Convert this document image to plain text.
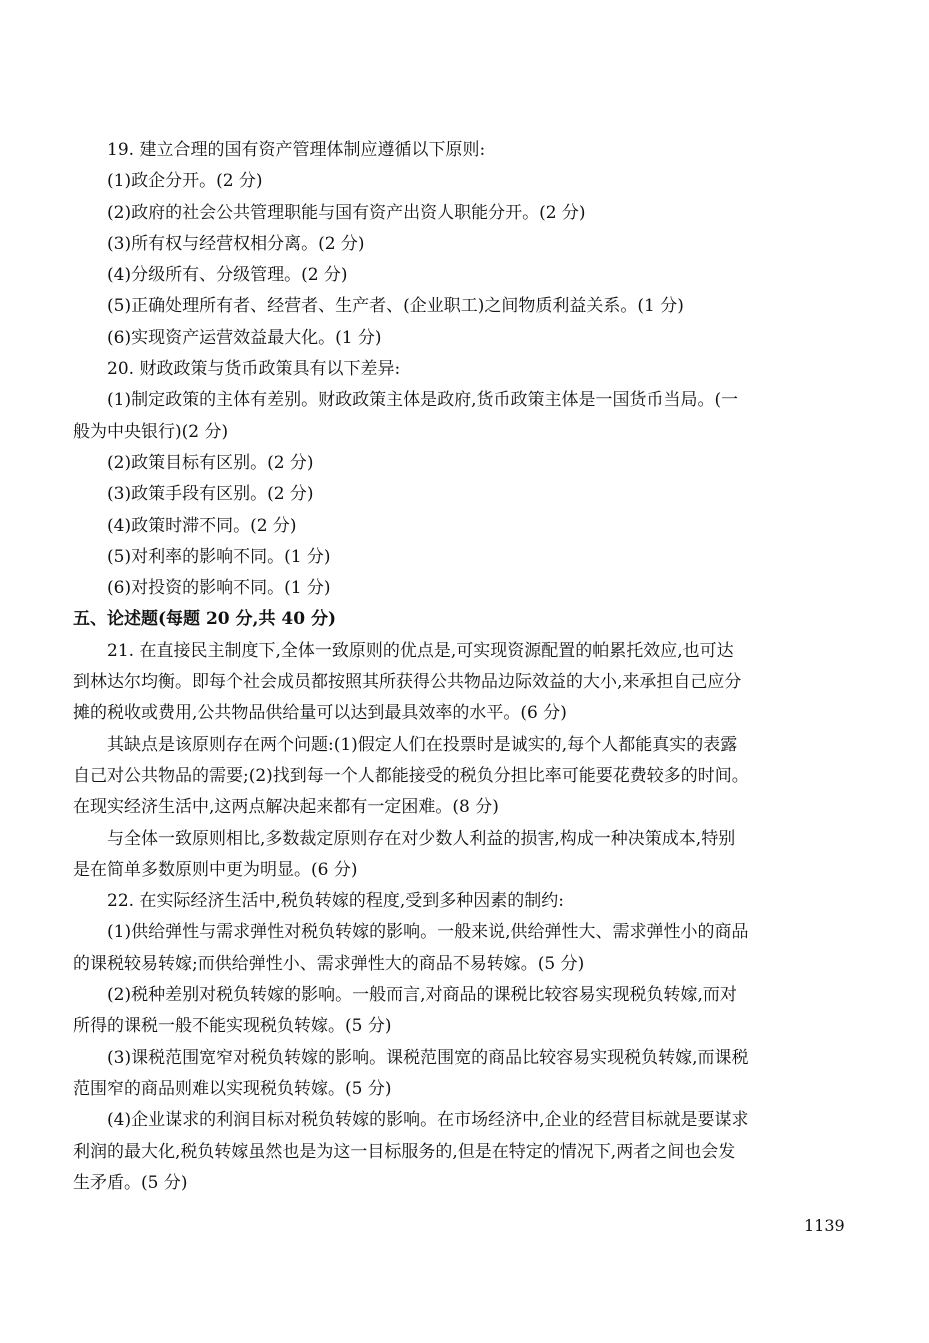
19. 建立合理的国有资产管理体制应遵循以下原则:
(1)政企分开。(2 分)
(2)政府的社会公共管理职能与国有资产出资人职能分开。(2 分)
(3)所有权与经营权相分离。(2 分)
(4)分级所有、分级管理。(2 分)
(5)正确处理所有者、经营者、生产者、(企业职工)之间物质利益关系。(1 分)
(6)实现资产运营效益最大化。(1 分)
20. 财政政策与货币政策具有以下差异:
(1)制定政策的主体有差别。财政政策主体是政府,货币政策主体是一国货币当局。(一
般为中央银行)(2 分)
(2)政策目标有区别。(2 分)
(3)政策手段有区别。(2 分)
(4)政策时滞不同。(2 分)
(5)对利率的影响不同。(1 分)
(6)对投资的影响不同。(1 分)
五、论述题(每题 20 分,共 40 分)
21. 在直接民主制度下,全体一致原则的优点是,可实现资源配置的帕累托效应,也可达
到林达尔均衡。即每个社会成员都按照其所获得公共物品边际效益的大小,来承担自己应分
摊的税收或费用,公共物品供给量可以达到最具效率的水平。(6 分)
其缺点是该原则存在两个问题:(1)假定人们在投票时是诚实的,每个人都能真实的表露
自己对公共物品的需要;(2)找到每一个人都能接受的税负分担比率可能要花费较多的时间。
在现实经济生活中,这两点解决起来都有一定困难。(8 分)
与全体一致原则相比,多数裁定原则存在对少数人利益的损害,构成一种决策成本,特别
是在简单多数原则中更为明显。(6 分)
22. 在实际经济生活中,税负转嫁的程度,受到多种因素的制约:
(1)供给弹性与需求弹性对税负转嫁的影响。一般来说,供给弹性大、需求弹性小的商品
的课税较易转嫁;而供给弹性小、需求弹性大的商品不易转嫁。(5 分)
(2)税种差别对税负转嫁的影响。一般而言,对商品的课税比较容易实现税负转嫁,而对
所得的课税一般不能实现税负转嫁。(5 分)
(3)课税范围宽窄对税负转嫁的影响。课税范围宽的商品比较容易实现税负转嫁,而课税
范围窄的商品则难以实现税负转嫁。(5 分)
(4)企业谋求的利润目标对税负转嫁的影响。在市场经济中,企业的经营目标就是要谋求
利润的最大化,税负转嫁虽然也是为这一目标服务的,但是在特定的情况下,两者之间也会发
生矛盾。(5 分)
1139
